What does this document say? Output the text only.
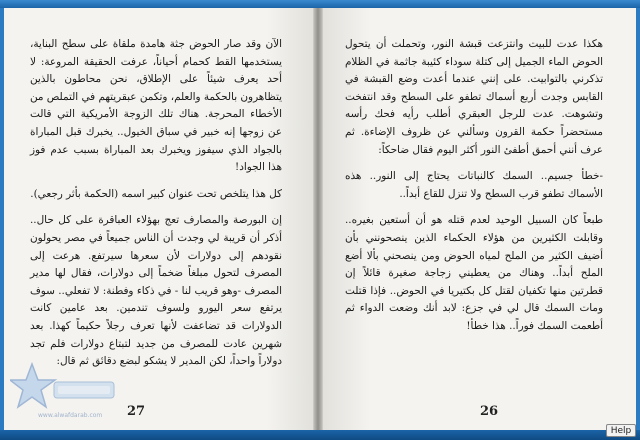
الآن وقد صار الحوض جثة هامدة ملقاة على سطح البناية، يستخدمها القط كحمام أحياناً، عرفت الحقيقة المروعة: لا أحد يعرف شيئاً على الإطلاق، نحن محاطون بالذين يتظاهرون بالحكمة والعلم، وتكمن عبقريتهم في التملص من الأخطاء المحرجة. هناك تلك الزوجة الأمريكية التي قالت عن زوجها إنه خبير في سباق الخيول.. يخبرك قبل المباراة بالجواد الذي سيفوز ويخبرك بعد المباراة بسبب عدم فوز هذا الجواد!

كل هذا يتلخص تحت عنوان كبير اسمه (الحكمة بأثر رجعي).

إن البورصة والمصارف تعج بهؤلاء العباقرة على كل حال.. أذكر أن قريبة لي وجدت أن الناس جميعاً في مصر يحولون نقودهم إلى دولارات لأن سعرها سيرتفع. هرعت إلى المصرف لتحول مبلغاً ضخماً إلى دولارات، فقال لها مدير المصرف -وهو قريب لنا - في ذكاء وفطنة: لا تفعلي.. سوف يرتفع سعر اليورو ولسوف تندمين. بعد عامين كانت الدولارات قد تضاعفت لأنها تعرف رجلاً حكيماً كهذا. بعد شهرين عادت للمصرف من جديد لتبتاع دولارات فلم تجد دولاراً واحداً، لكن المدير لا يشكو لبضع دقائق ثم قال:

27
www.alwafdarab.com

هكذا عدت للبيت وانتزعت قبشة النور، وتحملت أن يتحول الحوض الماء الجميل إلى كتلة سوداء كئيبة جاثمة في الظلام تذكرني بالتوابيت. على إنني عندما أعدت وضع القبشة في القابس وجدت أربع أسماك تطفو على السطح وقد انتفخت وتشوهت. عدت للرجل العبقري أطلب رأيه فحك رأسه مستحضراً حكمة القرون وسألني عن ظروف الإضاءة. ثم عرف أنني أحمق أطفئ النور أكثر اليوم فقال ضاحكاً:

-خطأ جسيم.. السمك كالنباتات يحتاج إلى النور.. هذه الأسماك تطفو قرب السطح ولا تنزل للقاع أبداً..

طبعاً كان السبيل الوحيد لعدم قتله هو أن أستعين بغيره.. وقابلت الكثيرين من هؤلاء الحكماء الذين ينصحونني بأن أضيف الكثير من الملح لمياه الحوض ومن ينصحني بألا أضع الملح أبداً.. وهناك من يعطيني زجاجة صغيرة قائلاً إن قطرتين منها تكفيان لقتل كل بكتيريا في الحوض.. فإذا قتلت ومات السمك قال لي في جزع: لابد أنك وضعت الدواء ثم أطعمت السمك فوراً.. هذا خطأ!

26
Help
